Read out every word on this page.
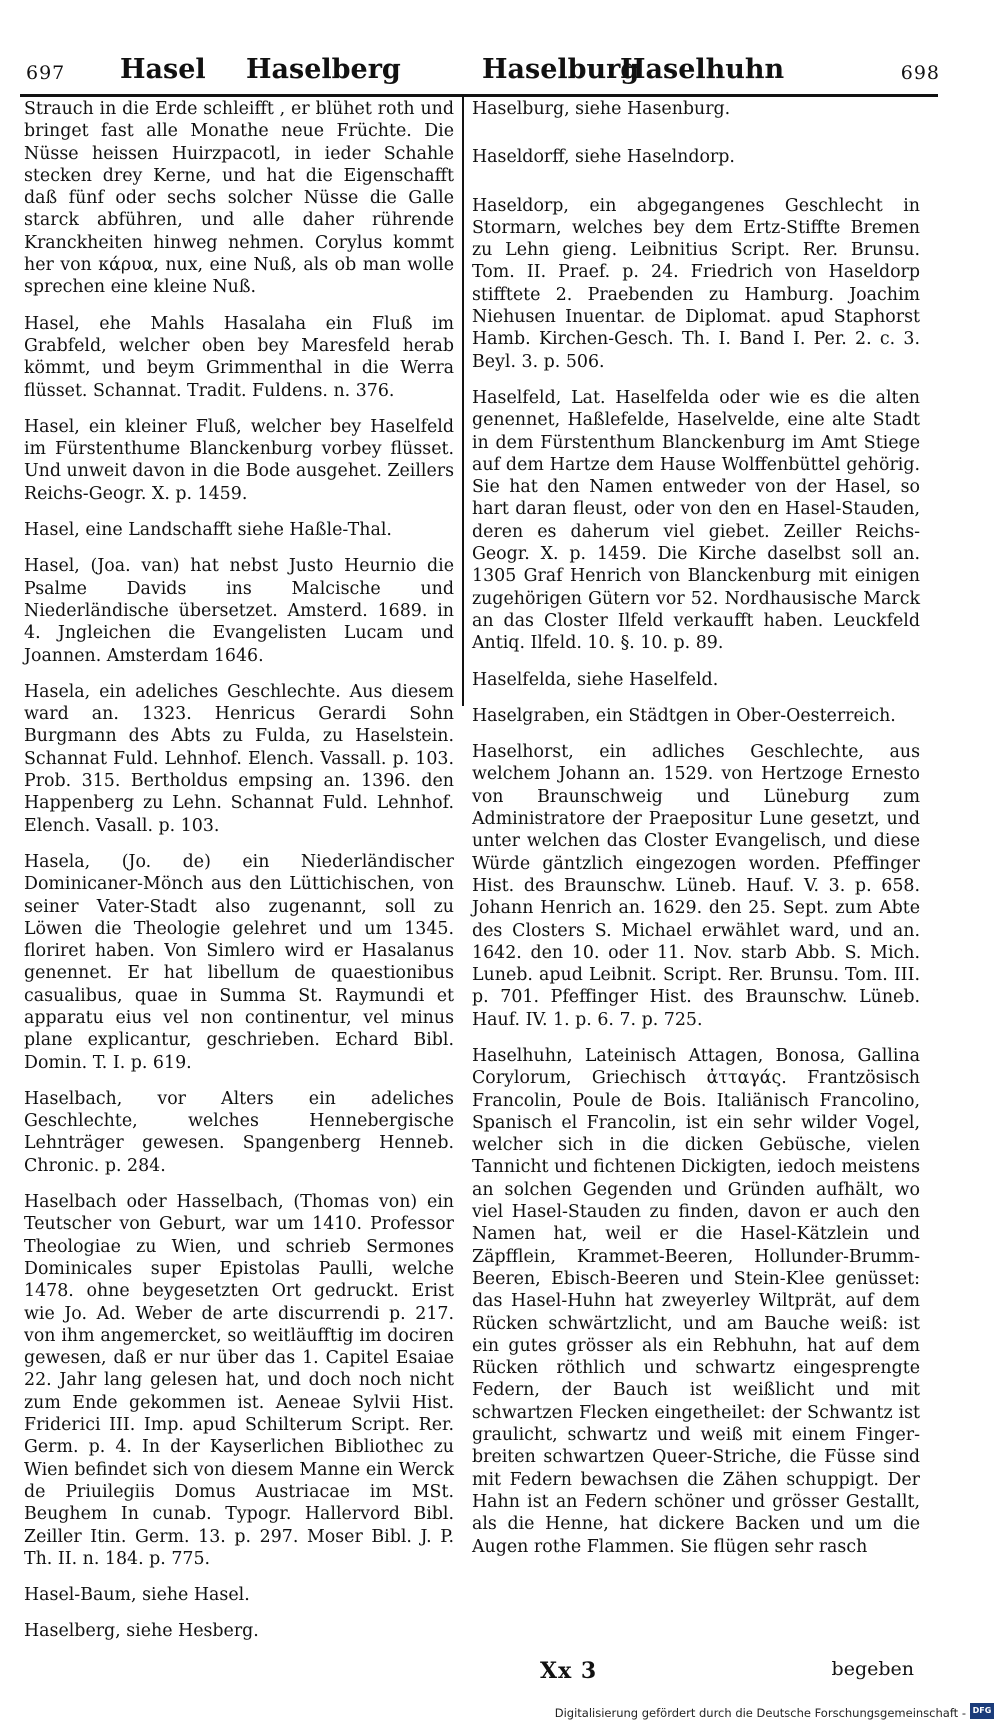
697 Hasel Haselberg	Haselburg
Haselhuhn	698

Strauch in die Erde schleifft , er blühet roth und bringet fast alle Monathe neue Früchte. Die Nüsse heissen Huirzpacotl, in ieder Schahle stecken drey Kerne, und hat die Eigenschafft daß fünf oder sechs solcher Nüsse die Galle starck abführen, und alle daher rührende Kranckheiten hinweg nehmen. Corylus kommt her von κάρυα, nux, eine Nuß, als ob man wolle sprechen eine kleine Nuß.

Hasel, ehe Mahls Hasalaha ein Fluß im Grabfeld, welcher oben bey Maresfeld herab kömmt, und beym Grimmenthal in die Werra flüsset. Schannat. Tradit. Fuldens. n. 376.

Hasel, ein kleiner Fluß, welcher bey Haselfeld im Fürstenthume Blanckenburg vorbey flüsset. Und unweit davon in die Bode ausgehet. Zeillers Reichs-Geogr. X. p. 1459.

Hasel, eine Landschafft siehe Haßle-Thal.

Hasel, (Joa. van) hat nebst Justo Heurnio die Psalme Davids ins Malcische und Niederländische übersetzet. Amsterd. 1689. in 4. Jngleichen die Evangelisten Lucam und Joannen. Amsterdam 1646.

Hasela, ein adeliches Geschlechte. Aus diesem ward an. 1323. Henricus Gerardi Sohn Burgmann des Abts zu Fulda, zu Haselstein. Schannat Fuld. Lehnhof. Elench. Vassall. p. 103. Prob. 315. Bertholdus empsing an. 1396. den Happenberg zu Lehn. Schannat Fuld. Lehnhof. Elench. Vasall. p. 103.

Hasela, (Jo. de) ein Niederländischer Dominicaner-Mönch aus den Lüttichischen, von seiner Vater-Stadt also zugenannt, soll zu Löwen die Theologie gelehret und um 1345. floriret haben. Von Simlero wird er Hasalanus genennet. Er hat libellum de quaestionibus casualibus, quae in Summa St. Raymundi et apparatu eius vel non continentur, vel minus plane explicantur, geschrieben. Echard Bibl. Domin. T. I. p. 619.

Haselbach, vor Alters ein adeliches Geschlechte, welches Hennebergische Lehnträger gewesen. Spangenberg Henneb. Chronic. p. 284.

Haselbach oder Hasselbach, (Thomas von) ein Teutscher von Geburt, war um 1410. Professor Theologiae zu Wien, und schrieb Sermones Dominicales super Epistolas Paulli, welche 1478. ohne beygesetzten Ort gedruckt. Erist wie Jo. Ad. Weber de arte discurrendi p. 217. von ihm angemercket, so weitläufftig im dociren gewesen, daß er nur über das 1. Capitel Esaiae 22. Jahr lang gelesen hat, und doch noch nicht zum Ende gekommen ist. Aeneae Sylvii Hist. Friderici III. Imp. apud Schilterum Script. Rer. Germ. p. 4. In der Kayserlichen Bibliothec zu Wien befindet sich von diesem Manne ein Werck de Priuilegiis Domus Austriacae im MSt. Beughem In cunab. Typogr. Hallervord Bibl. Zeiller Itin. Germ. 13. p. 297. Moser Bibl. J. P. Th. II. n. 184. p. 775.

Hasel-Baum, siehe Hasel.

Haselberg, siehe Hesberg.

Haselburg, siehe Hasenburg.

Haseldorff, siehe Haselndorp.

Haseldorp, ein abgegangenes Geschlecht in Stormarn, welches bey dem Ertz-Stiffte Bremen zu Lehn gieng. Leibnitius Script. Rer. Brunsu. Tom. II. Praef. p. 24. Friedrich von Haseldorp stifftete 2. Praebenden zu Hamburg. Joachim Niehusen Inuentar. de Diplomat. apud Staphorst Hamb. Kirchen-Gesch. Th. I. Band I. Per. 2. c. 3. Beyl. 3. p. 506.

Haselfeld, Lat. Haselfelda oder wie es die alten genennet, Haßlefelde, Haselvelde, eine alte Stadt in dem Fürstenthum Blanckenburg im Amt Stiege auf dem Hartze dem Hause Wolffenbüttel gehörig. Sie hat den Namen entweder von der Hasel, so hart daran fleust, oder von den en Hasel-Stauden, deren es daherum viel giebet. Zeiller Reichs-Geogr. X. p. 1459. Die Kirche daselbst soll an. 1305 Graf Henrich von Blanckenburg mit einigen zugehörigen Gütern vor 52. Nordhausische Marck an das Closter Ilfeld verkaufft haben. Leuckfeld Antiq. Ilfeld. 10. §. 10. p. 89.

Haselfelda, siehe Haselfeld.

Haselgraben, ein Städtgen in Ober-Oesterreich.

Haselhorst, ein adliches Geschlechte, aus welchem Johann an. 1529. von Hertzoge Ernesto von Braunschweig und Lüneburg zum Administratore der Praepositur Lune gesetzt, und unter welchen das Closter Evangelisch, und diese Würde gäntzlich eingezogen worden. Pfeffinger Hist. des Braunschw. Lüneb. Hauf. V. 3. p. 658. Johann Henrich an. 1629. den 25. Sept. zum Abte des Closters S. Michael erwählet ward, und an. 1642. den 10. oder 11. Nov. starb Abb. S. Mich. Luneb. apud Leibnit. Script. Rer. Brunsu. Tom. III. p. 701. Pfeffinger Hist. des Braunschw. Lüneb. Hauf. IV. 1. p. 6. 7. p. 725.

Haselhuhn, Lateinisch Attagen, Bonosa, Gallina Corylorum, Griechisch ἀτταγάς. Frantzösisch Francolin, Poule de Bois. Italiänisch Francolino, Spanisch el Francolin, ist ein sehr wilder Vogel, welcher sich in die dicken Gebüsche, vielen Tannicht und fichtenen Dickigten, iedoch meistens an solchen Gegenden und Gründen aufhält, wo viel Hasel-Stauden zu finden, davon er auch den Namen hat, weil er die Hasel-Kätzlein und Zäpfflein, Krammet-Beeren, Hollunder-Brumm-Beeren, Ebisch-Beeren und Stein-Klee genüsset: das Hasel-Huhn hat zweyerley Wiltprät, auf dem Rücken schwärtzlicht, und am Bauche weiß: ist ein gutes grösser als ein Rebhuhn, hat auf dem Rücken röthlich und schwartz eingesprengte Federn, der Bauch ist weißlicht und mit schwartzen Flecken eingetheilet: der Schwantz ist graulicht, schwartz und weiß mit einem Finger-breiten schwartzen Queer-Striche, die Füsse sind mit Federn bewachsen die Zähen schuppigt. Der Hahn ist an Federn schöner und grösser Gestallt, als die Henne, hat dickere Backen und um die Augen rothe Flammen. Sie flügen sehr rasch

Xx 3	begeben
Digitalisierung gefördert durch die Deutsche Forschungsgemeinschaft - DFG
